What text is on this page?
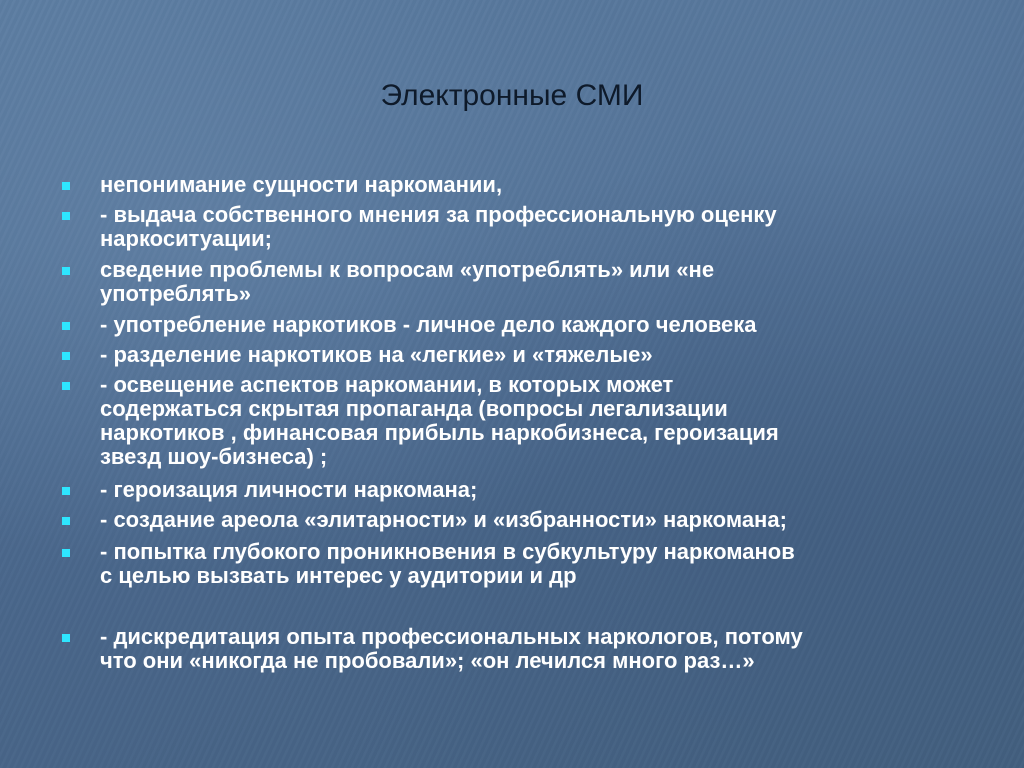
Электронные СМИ
непонимание сущности наркомании,
- выдача собственного мнения за профессиональную оценку
наркоситуации;
сведение проблемы к вопросам «употреблять» или «не
употреблять»
- употребление наркотиков - личное дело каждого человека
- разделение наркотиков на «легкие» и «тяжелые»
- освещение аспектов наркомании, в которых может
содержаться скрытая пропаганда (вопросы легализации
наркотиков , финансовая прибыль наркобизнеса, героизация
звезд шоу-бизнеса) ;
- героизация личности наркомана;
- создание ареола «элитарности» и «избранности» наркомана;
- попытка глубокого проникновения в субкультуру наркоманов
с целью вызвать интерес у аудитории и др
- дискредитация опыта профессиональных наркологов, потому
что они «никогда не пробовали»; «он лечился много раз…»
